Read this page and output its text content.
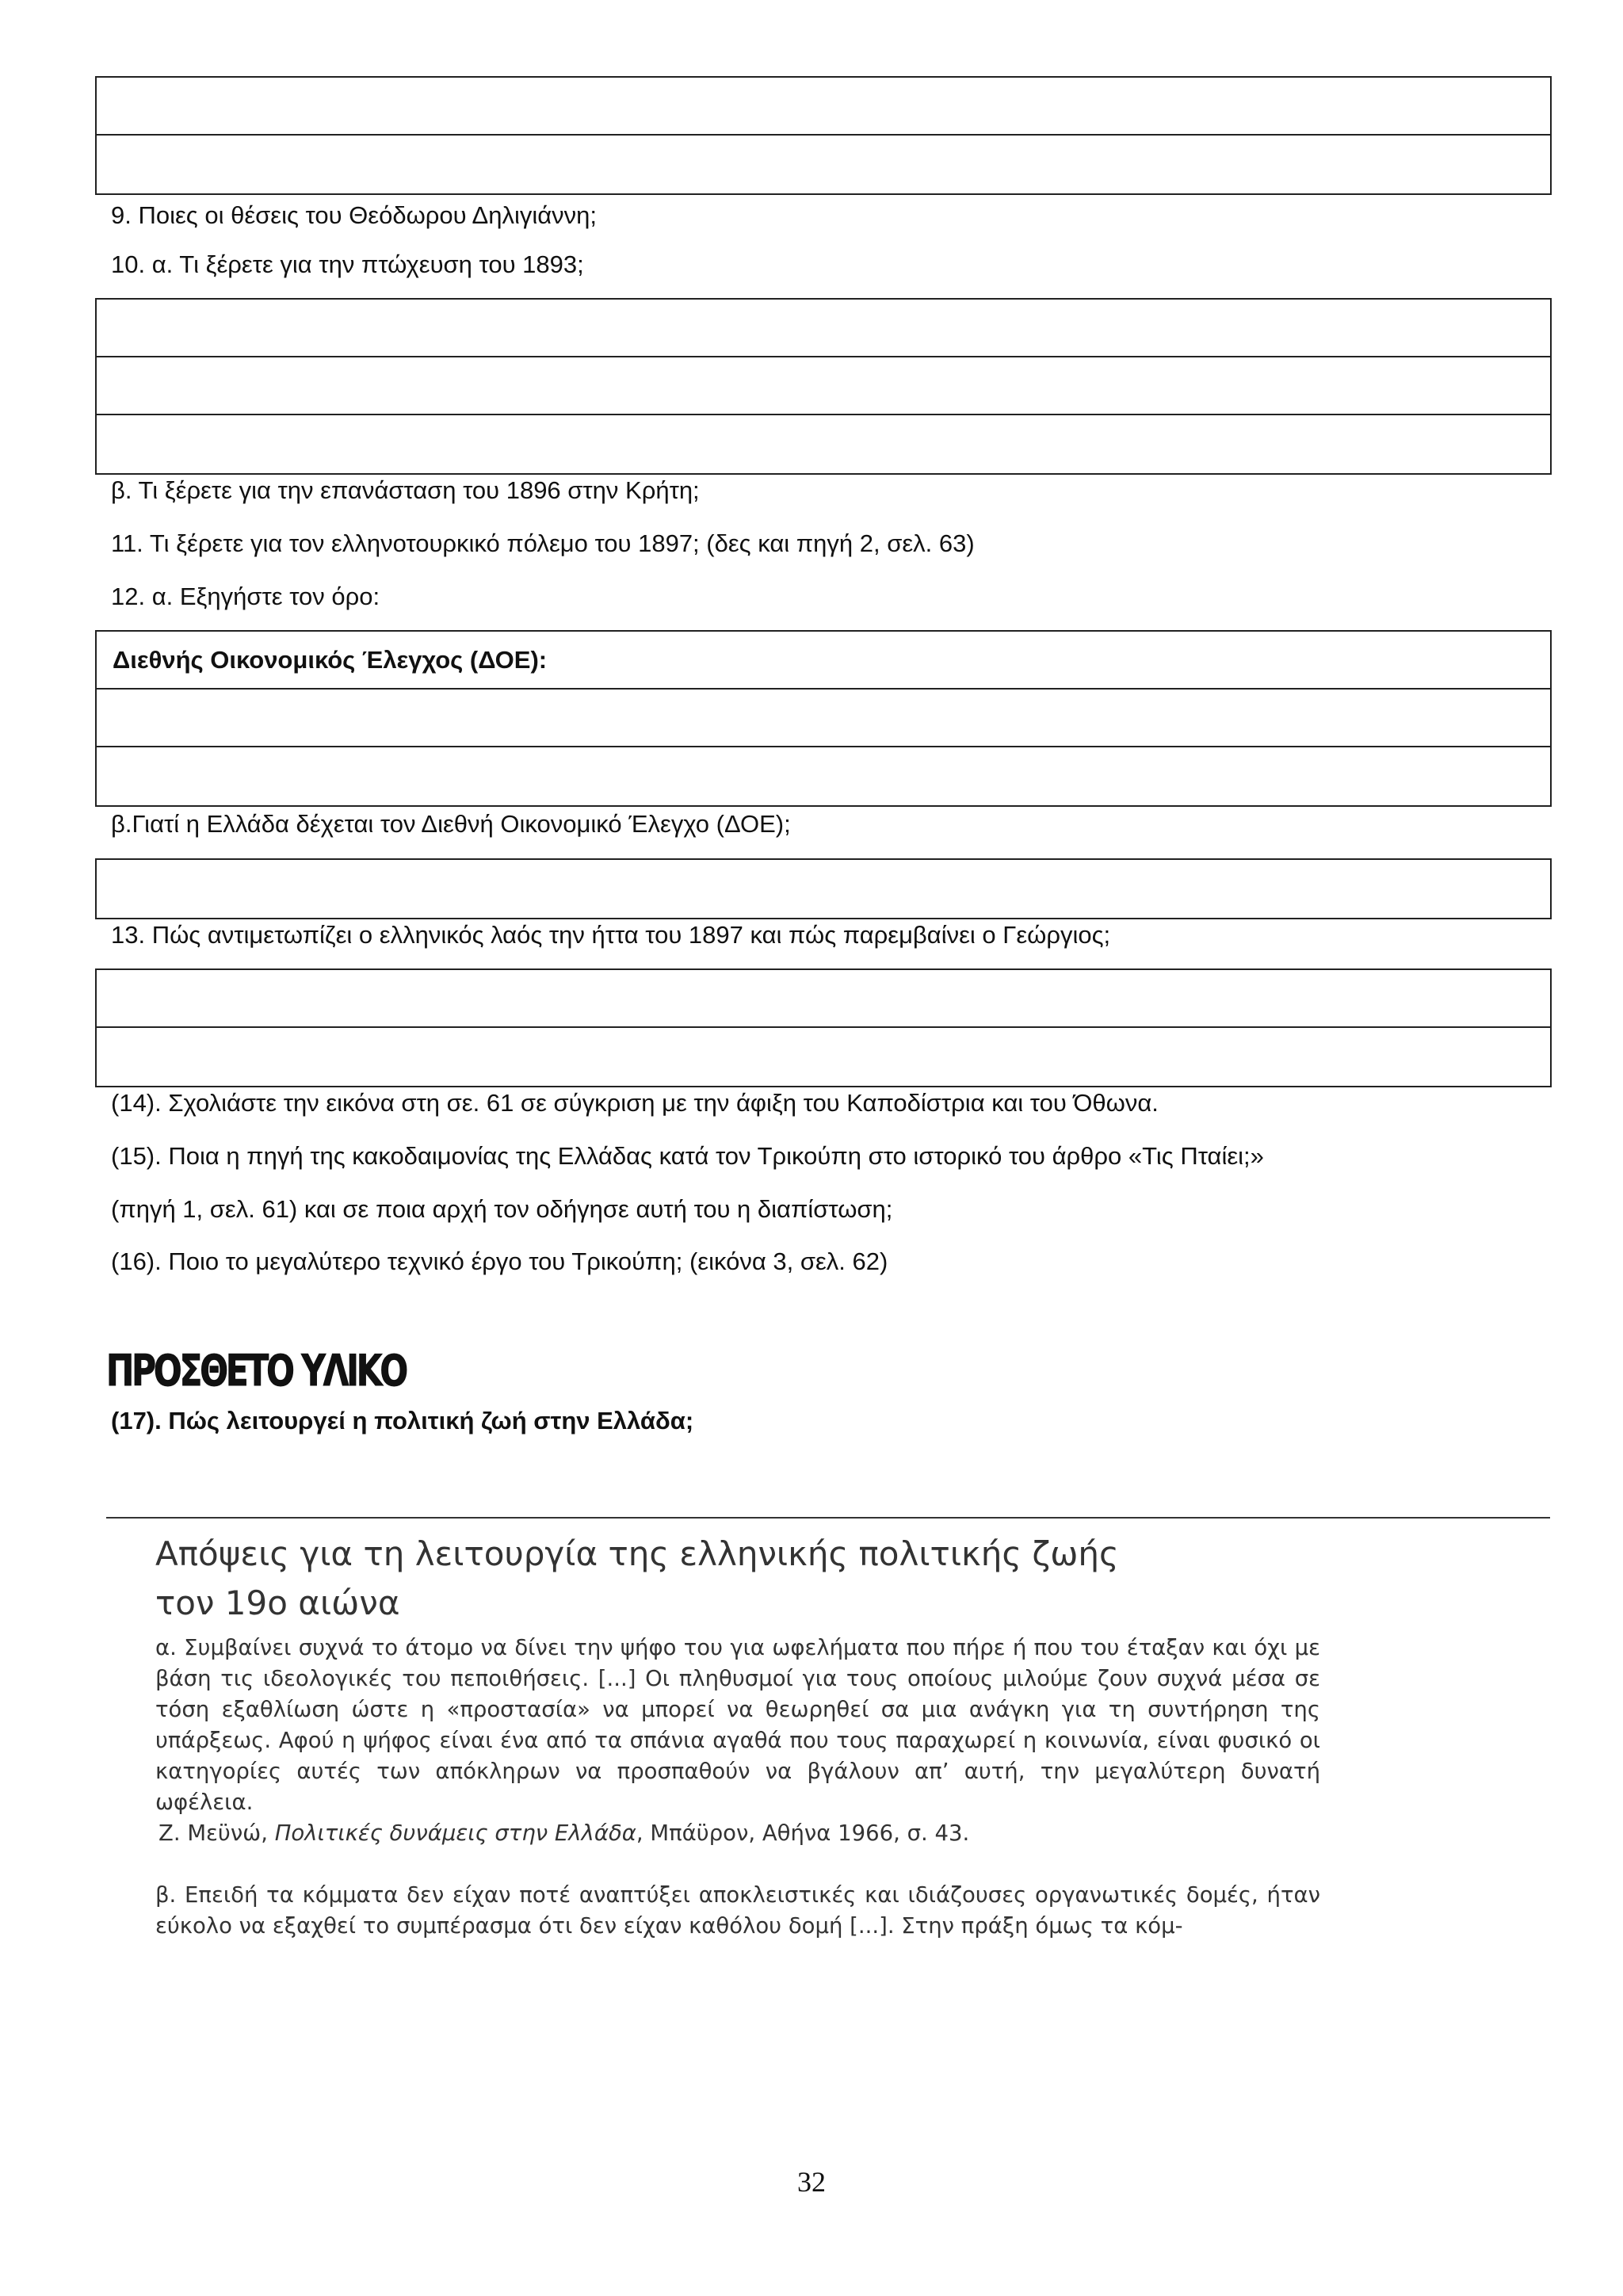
9. Ποιες οι θέσεις του Θεόδωρου Δηλιγιάννη;
10. α. Τι ξέρετε για την πτώχευση του 1893;
β. Τι ξέρετε για την επανάσταση του 1896 στην Κρήτη;
11. Τι ξέρετε για τον ελληνοτουρκικό πόλεμο του 1897; (δες και πηγή 2, σελ. 63)
12. α. Εξηγήστε τον όρο:
Διεθνής Οικονομικός Έλεγχος (ΔΟΕ):
β.Γιατί η Ελλάδα δέχεται τον Διεθνή Οικονομικό Έλεγχο (ΔΟΕ);
13. Πώς αντιμετωπίζει ο ελληνικός λαός την ήττα του 1897 και πώς παρεμβαίνει ο Γεώργιος;
(14). Σχολιάστε την εικόνα στη σε. 61 σε σύγκριση με την άφιξη του Καποδίστρια και του Όθωνα.
(15). Ποια η πηγή της κακοδαιμονίας της Ελλάδας κατά τον Τρικούπη στο ιστορικό του άρθρο «Τις Πταίει;»
(πηγή 1, σελ. 61) και σε ποια αρχή τον οδήγησε αυτή του η διαπίστωση;
(16). Ποιο το μεγαλύτερο τεχνικό έργο του Τρικούπη; (εικόνα 3, σελ. 62)
ΠΡΟΣΘΕΤΟ ΥΛΙΚΟ
(17). Πώς λειτουργεί η πολιτική ζωή στην Ελλάδα;
Απόψεις για τη λειτουργία της ελληνικής πολιτικής ζωής
τον 19ο αιώνα

α. Συμβαίνει συχνά το άτομο να δίνει την ψήφο του για ωφελήματα που πήρε ή που του έταξαν και όχι με βάση τις ιδεολογικές του πεποιθήσεις. [...] Οι πληθυσμοί για τους οποίους μιλούμε ζουν συχνά μέσα σε τόση εξαθλίωση ώστε η «προστασία» να μπορεί να θεωρηθεί σα μια ανάγκη για τη συντήρηση της υπάρξεως. Αφού η ψήφος είναι ένα από τα σπάνια αγαθά που τους παραχωρεί η κοινωνία, είναι φυσικό οι κατηγορίες αυτές των απόκληρων να προσπαθούν να βγάλουν απ’ αυτή, την μεγαλύτερη δυνατή ωφέλεια.

Ζ. Μεϋνώ, Πολιτικές δυνάμεις στην Ελλάδα, Μπάϋρον, Αθήνα 1966, σ. 43.

β. Επειδή τα κόμματα δεν είχαν ποτέ αναπτύξει αποκλειστικές και ιδιάζουσες οργανωτικές δομές, ήταν εύκολο να εξαχθεί το συμπέρασμα ότι δεν είχαν καθόλου δομή [...]. Στην πράξη όμως τα κόμ-

32
